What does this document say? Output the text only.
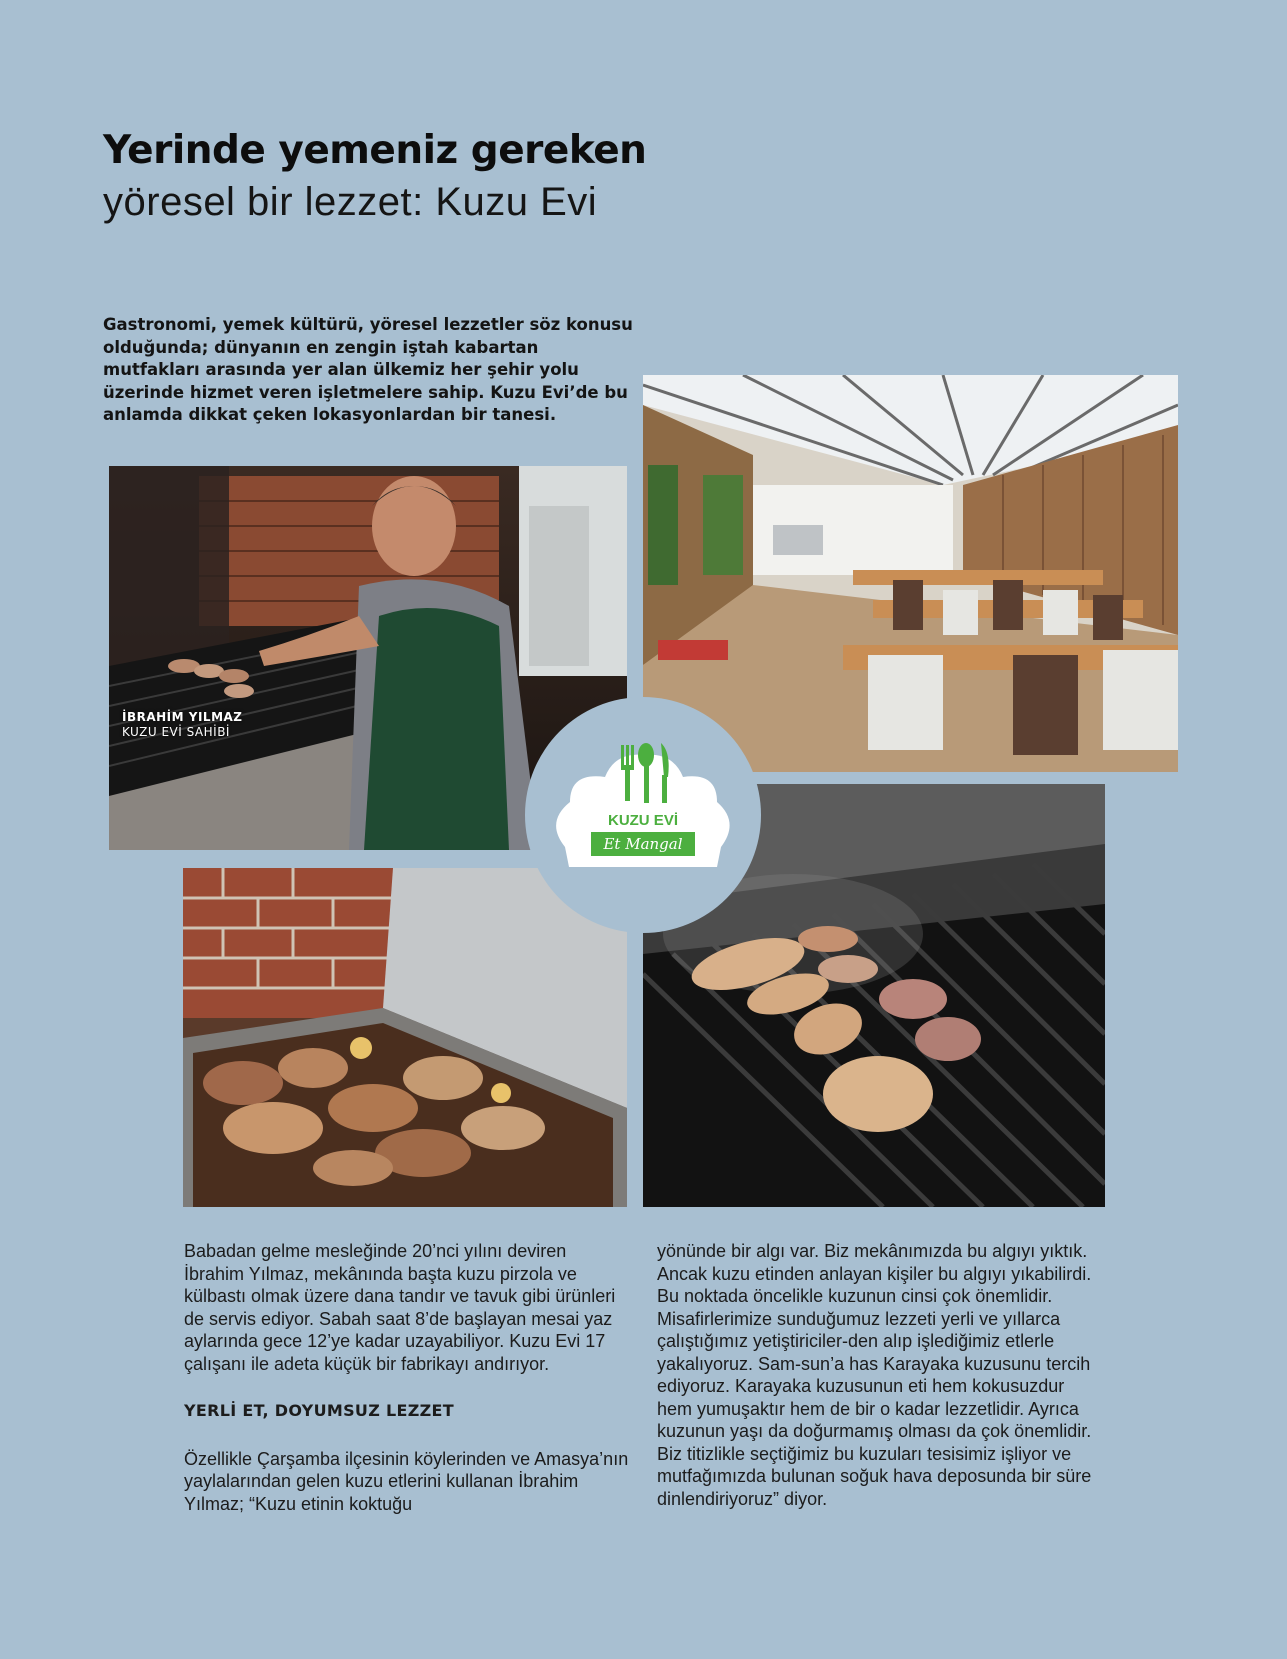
Yerinde yemeniz gereken
yöresel bir lezzet: Kuzu Evi
Gastronomi, yemek kültürü, yöresel lezzetler söz konusu olduğunda; dünyanın en zengin iştah kabartan mutfakları arasında yer alan ülkemiz her şehir yolu üzerinde hizmet veren işletmelere sahip. Kuzu Evi’de bu anlamda dikkat çeken lokasyonlardan bir tanesi.
İBRAHİM YILMAZ
KUZU EVİ SAHİBİ
KUZU EVİ
Et Mangal

Babadan gelme mesleğinde 20’nci yılını deviren İbrahim Yılmaz, mekânında başta kuzu pirzola ve külbastı olmak üzere dana tandır ve tavuk gibi ürünleri de servis ediyor. Sabah saat 8’de başlayan mesai yaz aylarında gece 12’ye kadar uzayabiliyor. Kuzu Evi 17 çalışanı ile adeta küçük bir fabrikayı andırıyor.

YERLİ ET, DOYUMSUZ LEZZET

Özellikle Çarşamba ilçesinin köylerinden ve Amasya’nın yaylalarından gelen kuzu etlerini kullanan İbrahim Yılmaz; “Kuzu etinin koktuğu

yönünde bir algı var. Biz mekânımızda bu algıyı yıktık. Ancak kuzu etinden anlayan kişiler bu algıyı yıkabilirdi. Bu noktada öncelikle kuzunun cinsi çok önemlidir. Misafirlerimize sunduğumuz lezzeti yerli ve yıllarca çalıştığımız yetiştiriciler-den alıp işlediğimiz etlerle yakalıyoruz. Sam-sun’a has Karayaka kuzusunu tercih ediyoruz. Karayaka kuzusunun eti hem kokusuzdur hem yumuşaktır hem de bir o kadar lezzetlidir. Ayrıca kuzunun yaşı da doğurmamış olması da çok önemlidir. Biz titizlikle seçtiğimiz bu kuzuları tesisimiz işliyor ve mutfağımızda bulunan soğuk hava deposunda bir süre dinlendiriyoruz” diyor.
